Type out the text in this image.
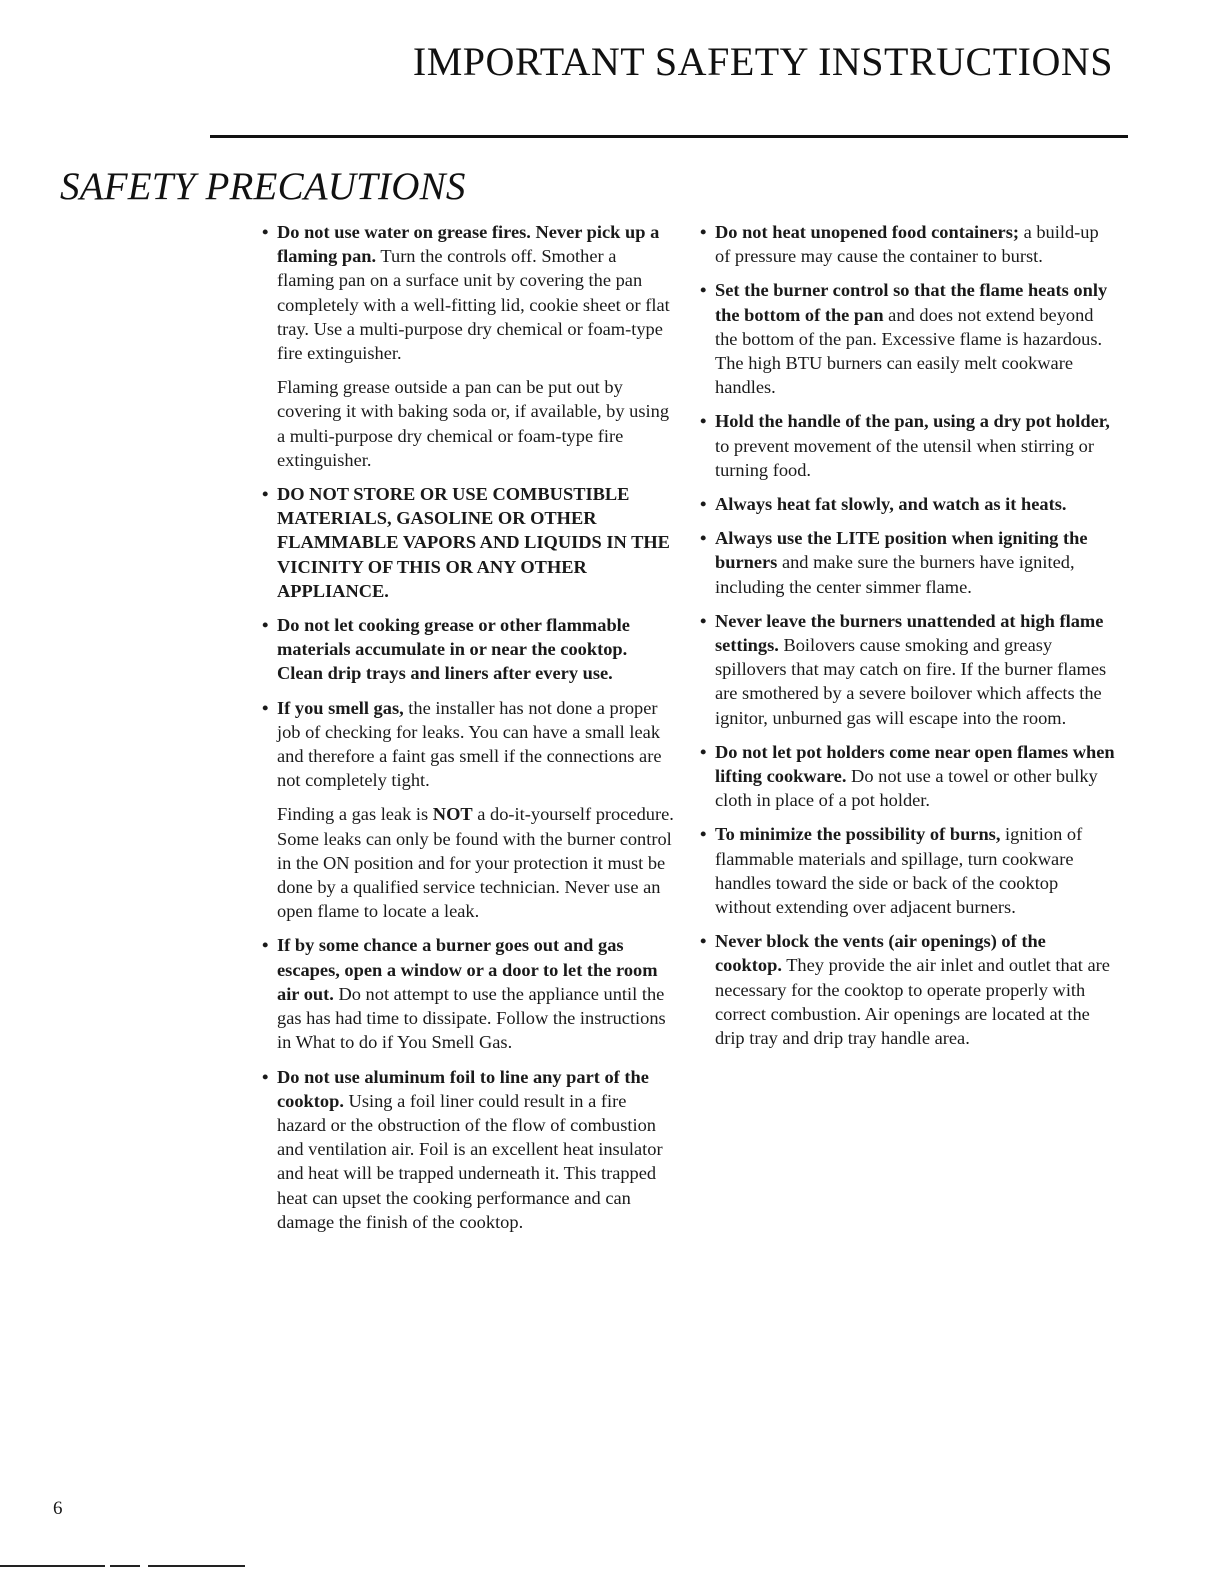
IMPORTANT SAFETY INSTRUCTIONS
SAFETY PRECAUTIONS
• Do not use water on grease fires. Never pick up a flaming pan. Turn the controls off. Smother a flaming pan on a surface unit by covering the pan completely with a well-fitting lid, cookie sheet or flat tray. Use a multi-purpose dry chemical or foam-type fire extinguisher.
Flaming grease outside a pan can be put out by covering it with baking soda or, if available, by using a multi-purpose dry chemical or foam-type fire extinguisher.
• DO NOT STORE OR USE COMBUSTIBLE MATERIALS, GASOLINE OR OTHER FLAMMABLE VAPORS AND LIQUIDS IN THE VICINITY OF THIS OR ANY OTHER APPLIANCE.
• Do not let cooking grease or other flammable materials accumulate in or near the cooktop. Clean drip trays and liners after every use.
• If you smell gas, the installer has not done a proper job of checking for leaks. You can have a small leak and therefore a faint gas smell if the connections are not completely tight.
Finding a gas leak is NOT a do-it-yourself procedure. Some leaks can only be found with the burner control in the ON position and for your protection it must be done by a qualified service technician. Never use an open flame to locate a leak.
• If by some chance a burner goes out and gas escapes, open a window or a door to let the room air out. Do not attempt to use the appliance until the gas has had time to dissipate. Follow the instructions in What to do if You Smell Gas.
• Do not use aluminum foil to line any part of the cooktop. Using a foil liner could result in a fire hazard or the obstruction of the flow of combustion and ventilation air. Foil is an excellent heat insulator and heat will be trapped underneath it. This trapped heat can upset the cooking performance and can damage the finish of the cooktop.
• Do not heat unopened food containers; a build-up of pressure may cause the container to burst.
• Set the burner control so that the flame heats only the bottom of the pan and does not extend beyond the bottom of the pan. Excessive flame is hazardous. The high BTU burners can easily melt cookware handles.
• Hold the handle of the pan, using a dry pot holder, to prevent movement of the utensil when stirring or turning food.
• Always heat fat slowly, and watch as it heats.
• Always use the LITE position when igniting the burners and make sure the burners have ignited, including the center simmer flame.
• Never leave the burners unattended at high flame settings. Boilovers cause smoking and greasy spillovers that may catch on fire. If the burner flames are smothered by a severe boilover which affects the ignitor, unburned gas will escape into the room.
• Do not let pot holders come near open flames when lifting cookware. Do not use a towel or other bulky cloth in place of a pot holder.
• To minimize the possibility of burns, ignition of flammable materials and spillage, turn cookware handles toward the side or back of the cooktop without extending over adjacent burners.
• Never block the vents (air openings) of the cooktop. They provide the air inlet and outlet that are necessary for the cooktop to operate properly with correct combustion. Air openings are located at the drip tray and drip tray handle area.
6
